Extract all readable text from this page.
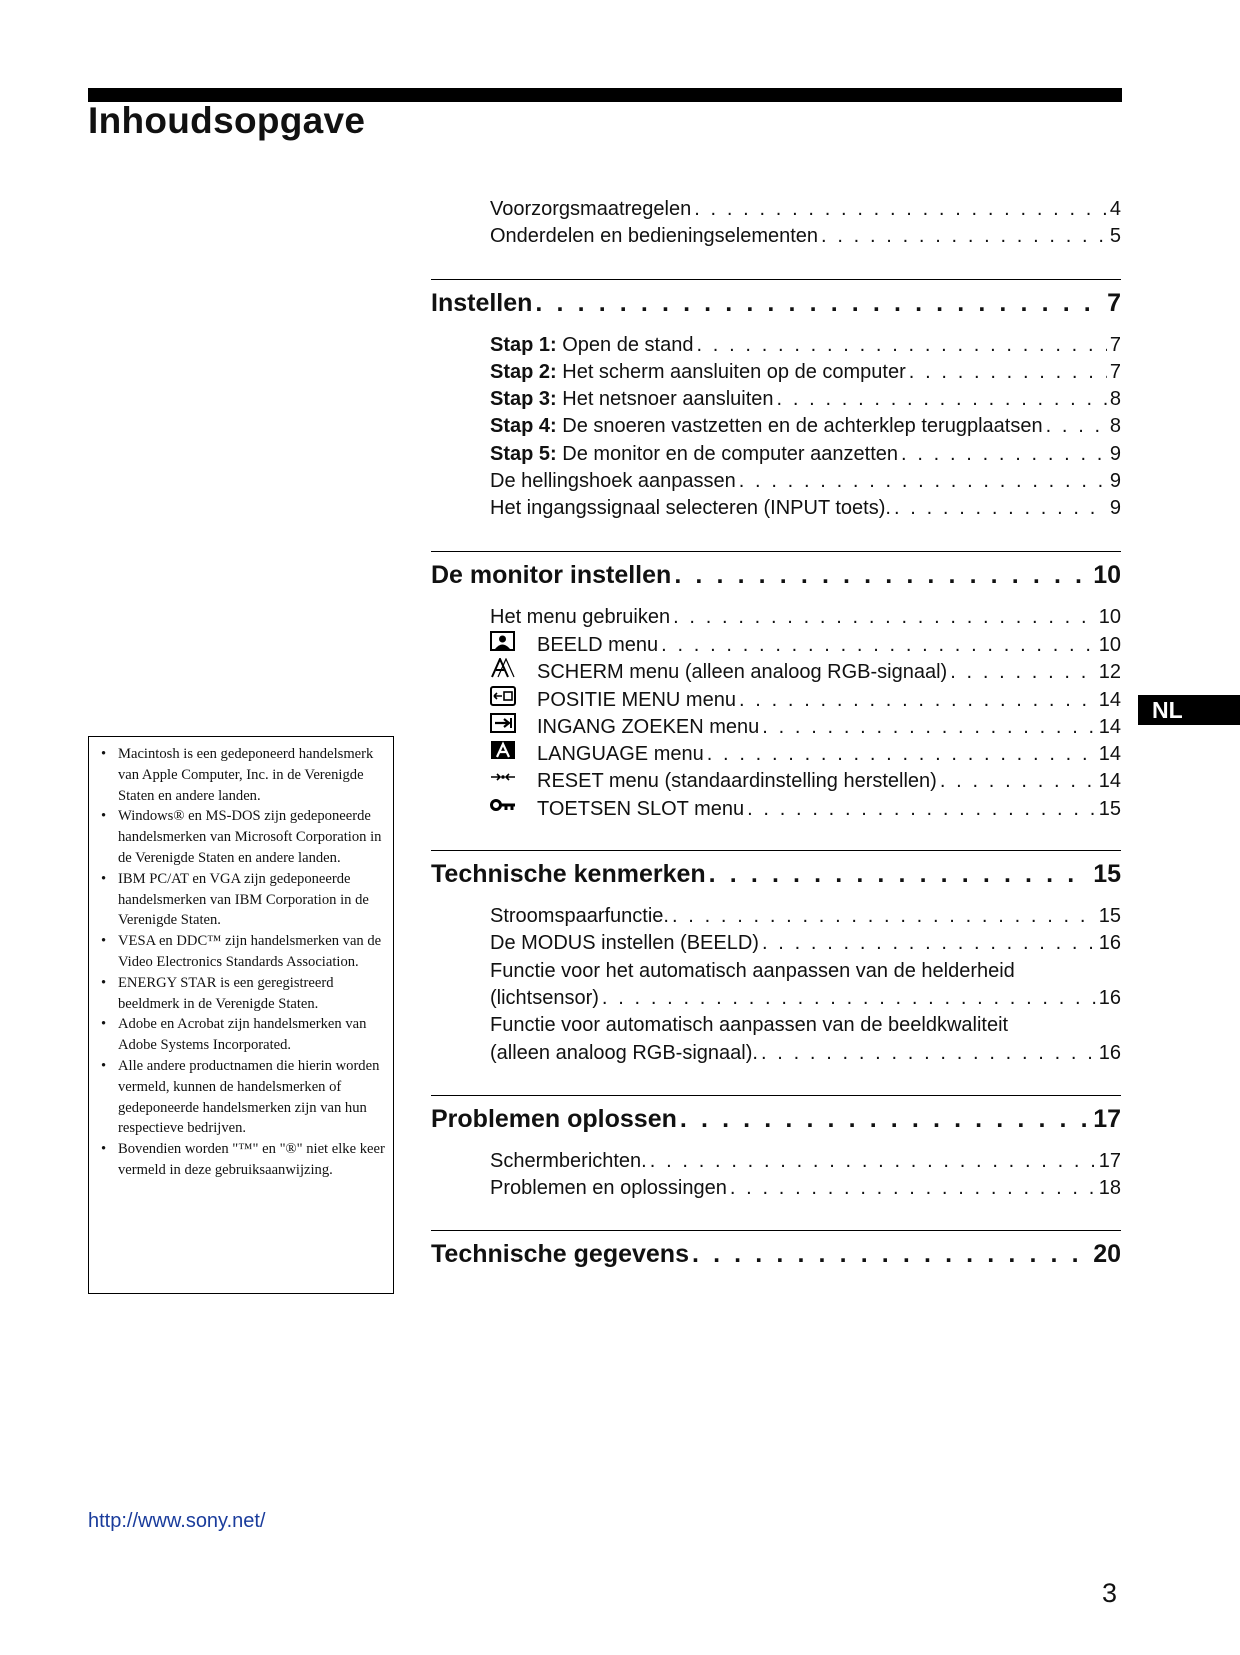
Inhoudsopgave
Voorzorgsmaatregelen . . .	4
Onderdelen en bedieningselementen . . .	5
Instellen . . .	7
Stap 1: Open de stand . . .	7
Stap 2: Het scherm aansluiten op de computer . . .	7
Stap 3: Het netsnoer aansluiten . . .	8
Stap 4: De snoeren vastzetten en de achterklep terugplaatsen . . .	8
Stap 5: De monitor en de computer aanzetten . . .	9
De hellingshoek aanpassen . . .	9
Het ingangssignaal selecteren (INPUT toets). . . .	9
De monitor instellen . . .	10
Het menu gebruiken . . .	10
BEELD menu . . .	10
SCHERM menu (alleen analoog RGB-signaal) . . .	12
POSITIE MENU menu . . .	14
INGANG ZOEKEN menu . . .	14
LANGUAGE menu . . .	14
RESET menu (standaardinstelling herstellen) . . .	14
TOETSEN SLOT menu . . .	15
Technische kenmerken . . .	15
Stroomspaarfunctie. . . .	15
De MODUS instellen (BEELD) . . .	16
Functie voor het automatisch aanpassen van de helderheid
(lichtsensor) . . .	16
Functie voor automatisch aanpassen van de beeldkwaliteit
(alleen analoog RGB-signaal). . . .	16
Problemen oplossen . . .	17
Schermberichten. . . .	17
Problemen en oplossingen . . .	18
Technische gegevens . . .	20
• Macintosh is een gedeponeerd handelsmerk van Apple Computer, Inc. in de Verenigde Staten en andere landen.
• Windows® en MS-DOS zijn gedeponeerde handelsmerken van Microsoft Corporation in de Verenigde Staten en andere landen.
• IBM PC/AT en VGA zijn gedeponeerde handelsmerken van IBM Corporation in de Verenigde Staten.
• VESA en DDC™ zijn handelsmerken van de Video Electronics Standards Association.
• ENERGY STAR is een geregistreerd beeldmerk in de Verenigde Staten.
• Adobe en Acrobat zijn handelsmerken van Adobe Systems Incorporated.
• Alle andere productnamen die hierin worden vermeld, kunnen de handelsmerken of gedeponeerde handelsmerken zijn van hun respectieve bedrijven.
• Bovendien worden "™" en "®" niet elke keer vermeld in deze gebruiksaanwijzing.
NL
http://www.sony.net/
3
